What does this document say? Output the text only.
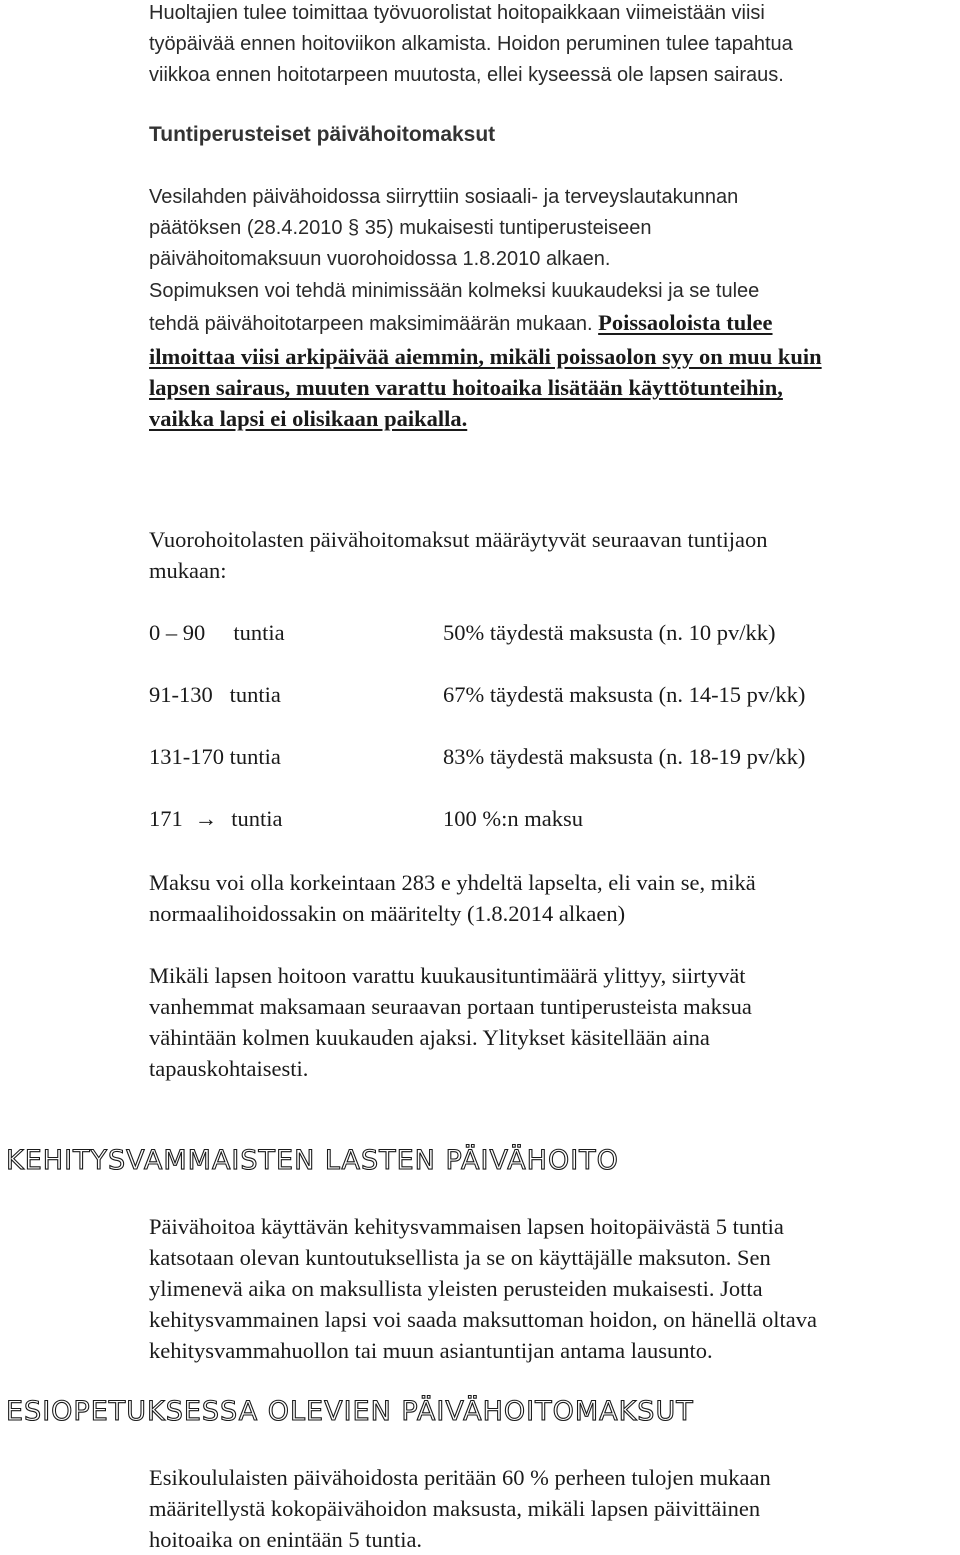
Huoltajien tulee toimittaa työvuorolistat hoitopaikkaan viimeistään viisi
työpäivää ennen hoitoviikon alkamista. Hoidon peruminen tulee tapahtua
viikkoa ennen hoitotarpeen muutosta, ellei kyseessä ole lapsen sairaus.
Tuntiperusteiset päivähoitomaksut
Vesilahden päivähoidossa siirryttiin sosiaali- ja terveyslautakunnan
päätöksen (28.4.2010 § 35) mukaisesti tuntiperusteiseen
päivähoitomaksuun vuorohoidossa 1.8.2010 alkaen.
Sopimuksen voi tehdä minimissään kolmeksi kuukaudeksi ja se tulee
tehdä päivähoitotarpeen maksimimäärän mukaan. Poissaoloista tulee
ilmoittaa viisi arkipäivää aiemmin, mikäli poissaolon syy on muu kuin
lapsen sairaus, muuten varattu hoitoaika lisätään käyttötunteihin,
vaikka lapsi ei olisikaan paikalla.
Vuorohoitolasten päivähoitomaksut määräytyvät seuraavan tuntijaon
mukaan:
0 – 90     tuntia	50% täydestä maksusta (n. 10 pv/kk)
91-130   tuntia	67% täydestä maksusta (n. 14-15 pv/kk)
131-170 tuntia	83% täydestä maksusta (n. 18-19 pv/kk)
171 → tuntia	100 %:n maksu
Maksu voi olla korkeintaan 283 e yhdeltä lapselta, eli vain se, mikä
normaalihoidossakin on määritelty (1.8.2014 alkaen)
Mikäli lapsen hoitoon varattu kuukausituntimäärä ylittyy, siirtyvät
vanhemmat maksamaan seuraavan portaan tuntiperusteista maksua
vähintään kolmen kuukauden ajaksi. Ylitykset käsitellään aina
tapauskohtaisesti.
KEHITYSVAMMAISTEN LASTEN PÄIVÄHOITO
Päivähoitoa käyttävän kehitysvammaisen lapsen hoitopäivästä 5 tuntia
katsotaan olevan kuntoutuksellista ja se on käyttäjälle maksuton. Sen
ylimenevä aika on maksullista yleisten perusteiden mukaisesti. Jotta
kehitysvammainen lapsi voi saada maksuttoman hoidon, on hänellä oltava
kehitysvammahuollon tai muun asiantuntijan antama lausunto.
ESIOPETUKSESSA OLEVIEN PÄIVÄHOITOMAKSUT
Esikoululaisten päivähoidosta peritään 60 % perheen tulojen mukaan
määritellystä kokopäivähoidon maksusta, mikäli lapsen päivittäinen
hoitoaika on enintään 5 tuntia.
